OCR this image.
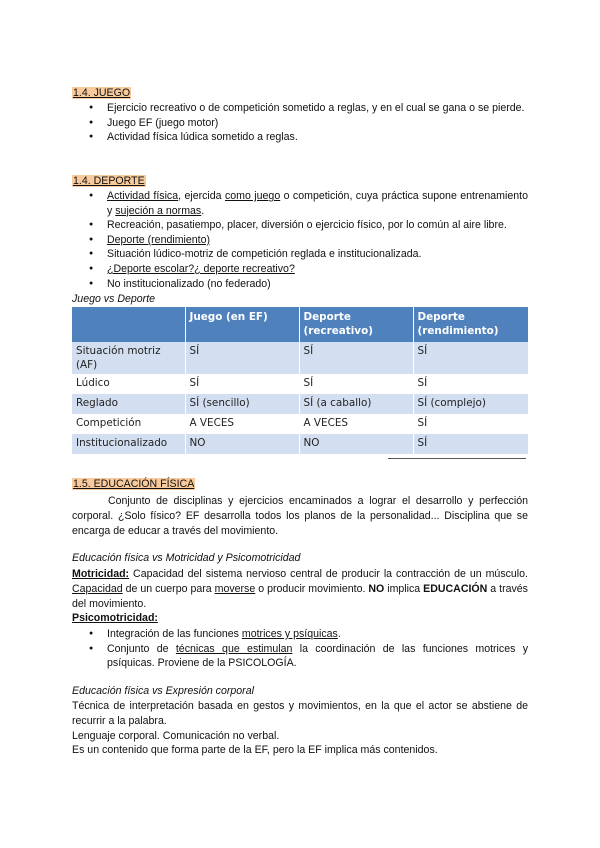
1.4. JUEGO
● Ejercicio recreativo o de competición sometido a reglas, y en el cual se gana o se pierde.
● Juego EF (juego motor)
● Actividad física lúdica sometido a reglas.
1.4. DEPORTE
● Actividad física, ejercida como juego o competición, cuya práctica supone entrenamiento y sujeción a normas.
● Recreación, pasatiempo, placer, diversión o ejercicio físico, por lo común al aire libre.
● Deporte (rendimiento)
● Situación lúdico-motriz de competición reglada e institucionalizada.
● ¿Deporte escolar?¿ deporte recreativo?
● No institucionalizado (no federado)
Juego vs Deporte
	Juego (en EF)	Deporte (recreativo)	Deporte (rendimiento)
Situación motriz (AF)	SÍ	SÍ	SÍ
Lúdico	SÍ	SÍ	SÍ
Reglado	SÍ (sencillo)	SÍ (a caballo)	SÍ (complejo)
Competición	A VECES	A VECES	SÍ
Institucionalizado	NO	NO	SÍ
1.5. EDUCACIÓN FÍSICA
Conjunto de disciplinas y ejercicios encaminados a lograr el desarrollo y perfección corporal. ¿Solo físico? EF desarrolla todos los planos de la personalidad... Disciplina que se encarga de educar a través del movimiento.
Educación física vs Motricidad y Psicomotricidad
Motricidad: Capacidad del sistema nervioso central de producir la contracción de un músculo. Capacidad de un cuerpo para moverse o producir movimiento. NO implica EDUCACIÓN a través del movimiento.
Psicomotricidad:
● Integración de las funciones motrices y psíquicas.
● Conjunto de técnicas que estimulan la coordinación de las funciones motrices y psíquicas. Proviene de la PSICOLOGÍA.
Educación física vs Expresión corporal
Técnica de interpretación basada en gestos y movimientos, en la que el actor se abstiene de recurrir a la palabra.
Lenguaje corporal. Comunicación no verbal.
Es un contenido que forma parte de la EF, pero la EF implica más contenidos.
